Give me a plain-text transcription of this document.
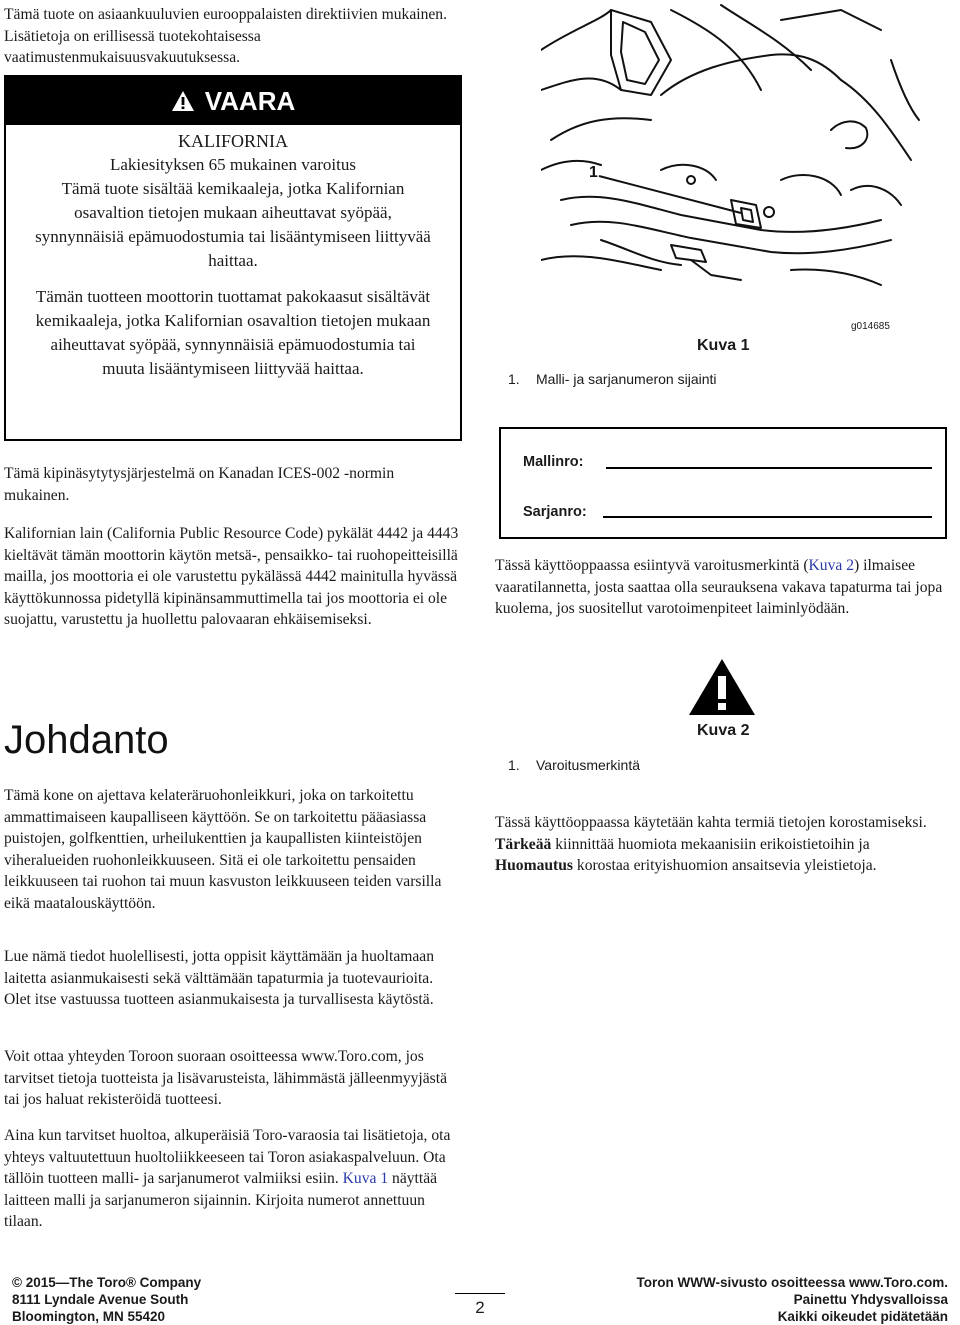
Tämä tuote on asiaankuuluvien eurooppalaisten direktiivien mukainen. Lisätietoja on erillisessä tuotekohtaisessa vaatimustenmukaisuusvakuutuksessa.

VAARA
KALIFORNIA
Lakiesityksen 65 mukainen varoitus
Tämä tuote sisältää kemikaaleja, jotka Kalifornian osavaltion tietojen mukaan aiheuttavat syöpää, synnynnäisiä epämuodostumia tai lisääntymiseen liittyvää haittaa.
Tämän tuotteen moottorin tuottamat pakokaasut sisältävät kemikaaleja, jotka Kalifornian osavaltion tietojen mukaan aiheuttavat syöpää, synnynnäisiä epämuodostumia tai muuta lisääntymiseen liittyvää haittaa.

Tämä kipinäsytytysjärjestelmä on Kanadan ICES-002 -normin mukainen.

Kalifornian lain (California Public Resource Code) pykälät 4442 ja 4443 kieltävät tämän moottorin käytön metsä-, pensaikko- tai ruohopeitteisillä mailla, jos moottoria ei ole varustettu pykälässä 4442 mainitulla hyvässä käyttökunnossa pidetyllä kipinänsammuttimella tai jos moottoria ei ole suojattu, varustettu ja huollettu palovaaran ehkäisemiseksi.

1
Kuva 1
g014685
1. Malli- ja sarjanumeron sijainti
Mallinro:
Sarjanro:

Tässä käyttöoppaassa esiintyvä varoitusmerkintä (Kuva 2) ilmaisee vaaratilannetta, josta saattaa olla seurauksena vakava tapaturma tai jopa kuolema, jos suositellut varotoimenpiteet laiminlyödään.

Kuva 2
1. Varoitusmerkintä

Tässä käyttöoppaassa käytetään kahta termiä tietojen korostamiseksi. Tärkeää kiinnittää huomiota mekaanisiin erikoistietoihin ja Huomautus korostaa erityishuomion ansaitsevia yleistietoja.

Johdanto

Tämä kone on ajettava kelateräruohonleikkuri, joka on tarkoitettu ammattimaiseen kaupalliseen käyttöön. Se on tarkoitettu pääasiassa puistojen, golfkenttien, urheilukenttien ja kaupallisten kiinteistöjen viheralueiden ruohonleikkuuseen. Sitä ei ole tarkoitettu pensaiden leikkuuseen tai ruohon tai muun kasvuston leikkuuseen teiden varsilla eikä maatalouskäyttöön.

Lue nämä tiedot huolellisesti, jotta oppisit käyttämään ja huoltamaan laitetta asianmukaisesti sekä välttämään tapaturmia ja tuotevaurioita. Olet itse vastuussa tuotteen asianmukaisesta ja turvallisesta käytöstä.

Voit ottaa yhteyden Toroon suoraan osoitteessa www.Toro.com, jos tarvitset tietoja tuotteista ja lisävarusteista, lähimmästä jälleenmyyjästä tai jos haluat rekisteröidä tuotteesi.

Aina kun tarvitset huoltoa, alkuperäisiä Toro-varaosia tai lisätietoja, ota yhteys valtuutettuun huoltoliikkeeseen tai Toron asiakaspalveluun. Ota tällöin tuotteen malli- ja sarjanumerot valmiiksi esiin. Kuva 1 näyttää laitteen malli ja sarjanumeron sijainnin. Kirjoita numerot annettuun tilaan.

© 2015—The Toro® Company
8111 Lyndale Avenue South
Bloomington, MN 55420	2
Toron WWW-sivusto osoitteessa www.Toro.com.
Painettu Yhdysvalloissa
Kaikki oikeudet pidätetään
